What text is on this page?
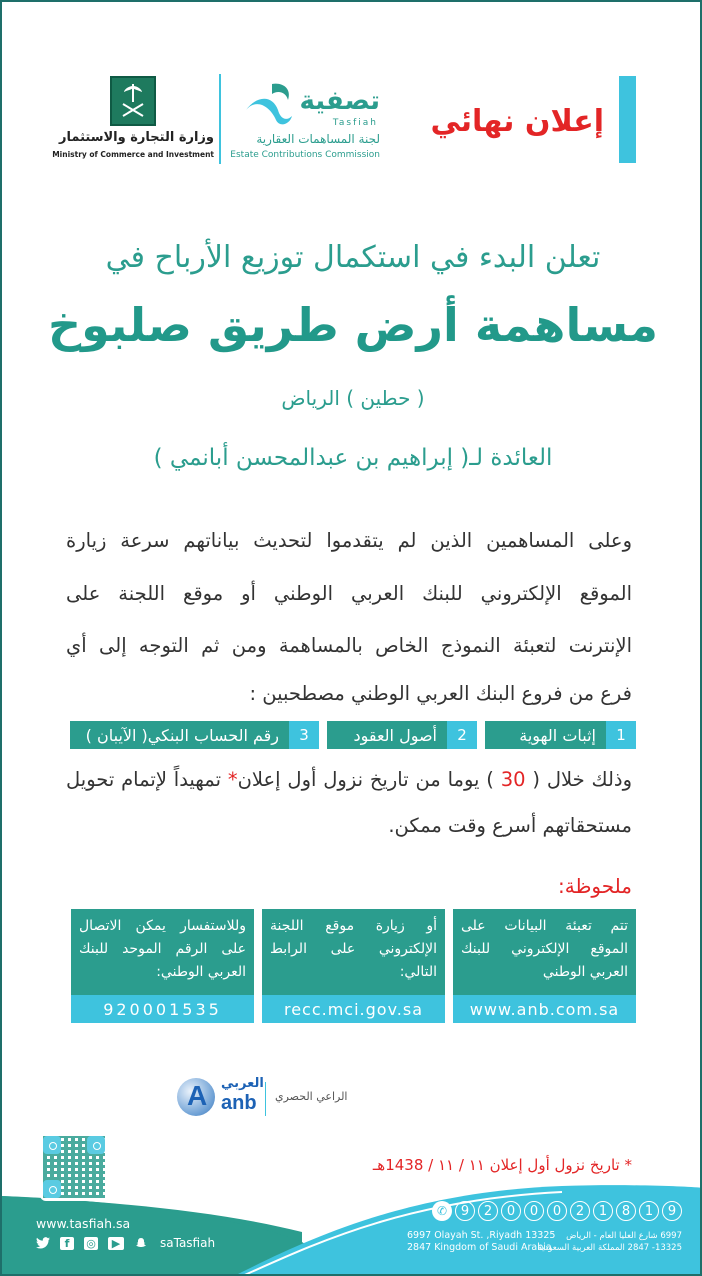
إعلان نهائي
تصفية
Tasfiah
لجنة المساهمات العقارية
Estate Contributions Commission
وزارة التجارة والاستثمار
Ministry of Commerce and Investment
تعلن البدء في استكمال توزيع الأرباح في
مساهمة أرض طريق صلبوخ
( حطين ) الرياض
العائدة لـ( إبراهيم بن عبدالمحسن أبانمي )
وعلى المساهمين الذين لم يتقدموا لتحديث بياناتهم سرعة زيارة
الموقع الإلكتروني للبنك العربي الوطني أو موقع اللجنة على
الإنترنت لتعبئة النموذج الخاص بالمساهمة ومن ثم التوجه إلى أي
فرع من فروع البنك العربي الوطني مصطحبين :
1
إثبات الهوية
2
أصول العقود
3
رقم الحساب البنكي( الآيبان )
وذلك خلال ( 30 ) يوما من تاريخ نزول أول إعلان* تمهيداً لإتمام تحويل
مستحقاتهم أسرع وقت ممكن.
ملحوظة:
تتم تعبئة البيانات على
الموقع الإلكتروني للبنك
العربي الوطني
www.anb.com.sa
أو زيارة موقع اللجنة
الإلكتروني على الرابط
التالي:
recc.mci.gov.sa
وللاستفسار يمكن الاتصال
على الرقم الموحد للبنك
العربي الوطني:
920001535
A العربي
anb الراعي الحصري
* تاريخ نزول أول إعلان ١١ / ١١ / 1438هـ
www.tasfiah.sa
f	◎	▶	saTasfiah
✆	9	2	0	0	0	2	1	8	1	9
6997 Olayah St. ,Riyadh 13325
2847 Kingdom of Saudi Arabia
6997 شارع العليا العام - الرياض
13325- 2847 المملكة العربية السعودية
